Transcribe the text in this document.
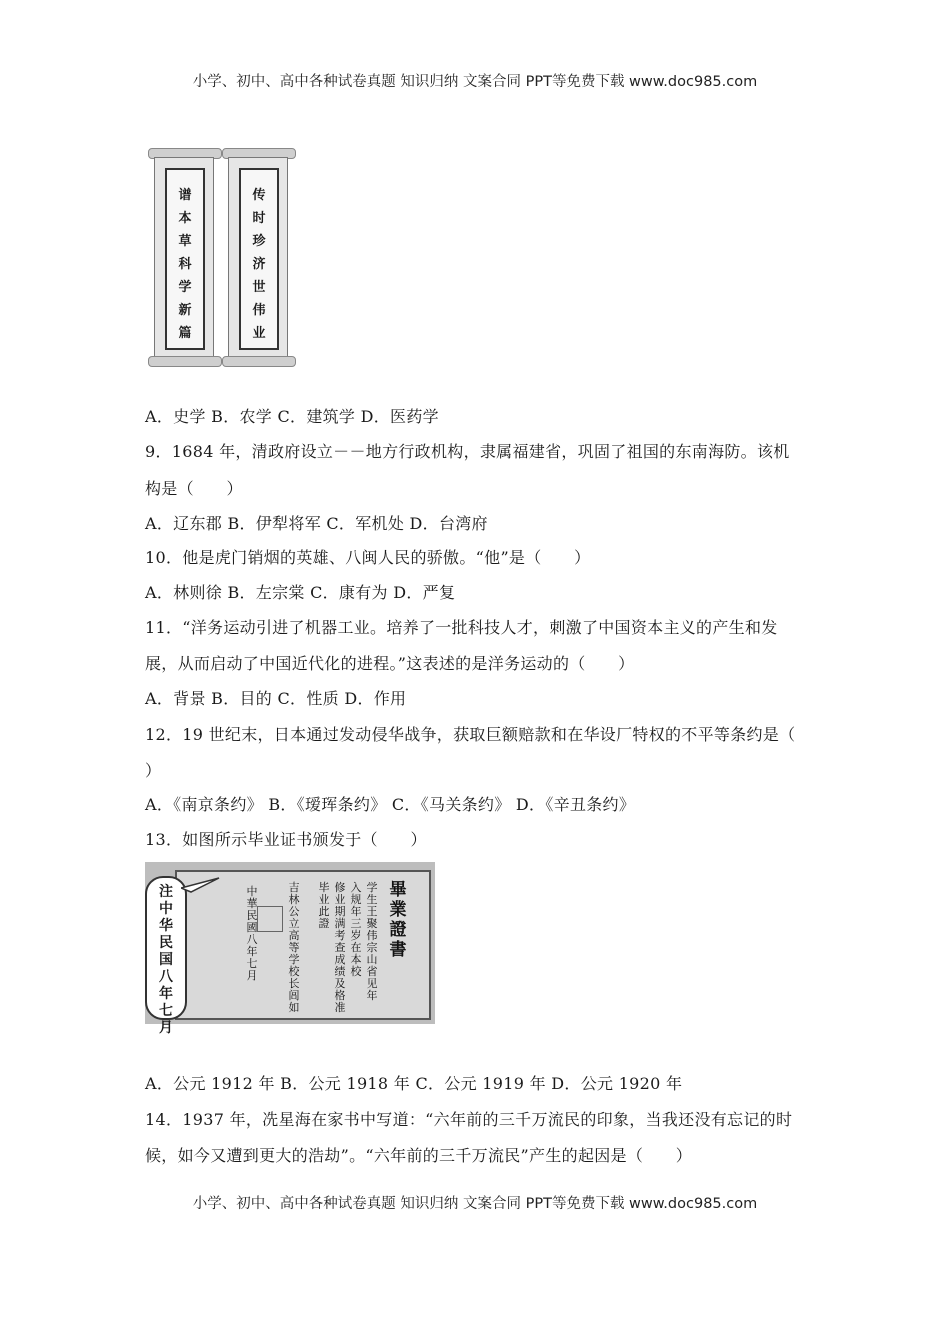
小学、初中、高中各种试卷真题 知识归纳 文案合同 PPT等免费下载 www.doc985.com
谱
本
草
科
学
新
篇
传
时
珍
济
世
伟
业
A．史学 B．农学 C．建筑学 D．医药学
9．1684 年，清政府设立－－地方行政机构，隶属福建省，巩固了祖国的东南海防。该机
构是（　　）
A．辽东郡 B．伊犁将军 C．军机处 D．台湾府
10．他是虎门销烟的英雄、八闽人民的骄傲。“他”是（　　）
A．林则徐 B．左宗棠 C．康有为 D．严复
11．“洋务运动引进了机器工业。培养了一批科技人才，刺激了中国资本主义的产生和发
展，从而启动了中国近代化的进程。”这表述的是洋务运动的（　　）
A．背景 B．目的 C．性质 D．作用
12．19 世纪末，日本通过发动侵华战争，获取巨额赔款和在华设厂特权的不平等条约是（
）
A．《南京条约》 B．《瑷珲条约》 C．《马关条约》 D．《辛丑条约》
13．如图所示毕业证书颁发于（　　）
畢
業
證
書
学
生
王
聚
伟
宗
山
省
见
年
入
规
年
三
岁
在
本
校
修
业
期
满
考
查
成
绩
及
格
准
毕
业
此
證
吉
林
公
立
高
等
学
校
长
闾
如
中
華
民
國
八
年
七
月
注
中
华
民
国
八
年
七
月
A．公元 1912 年 B．公元 1918 年 C．公元 1919 年 D．公元 1920 年
14．1937 年，冼星海在家书中写道：“六年前的三千万流民的印象，当我还没有忘记的时
候，如今又遭到更大的浩劫”。“六年前的三千万流民”产生的起因是（　　）
小学、初中、高中各种试卷真题 知识归纳 文案合同 PPT等免费下载 www.doc985.com
